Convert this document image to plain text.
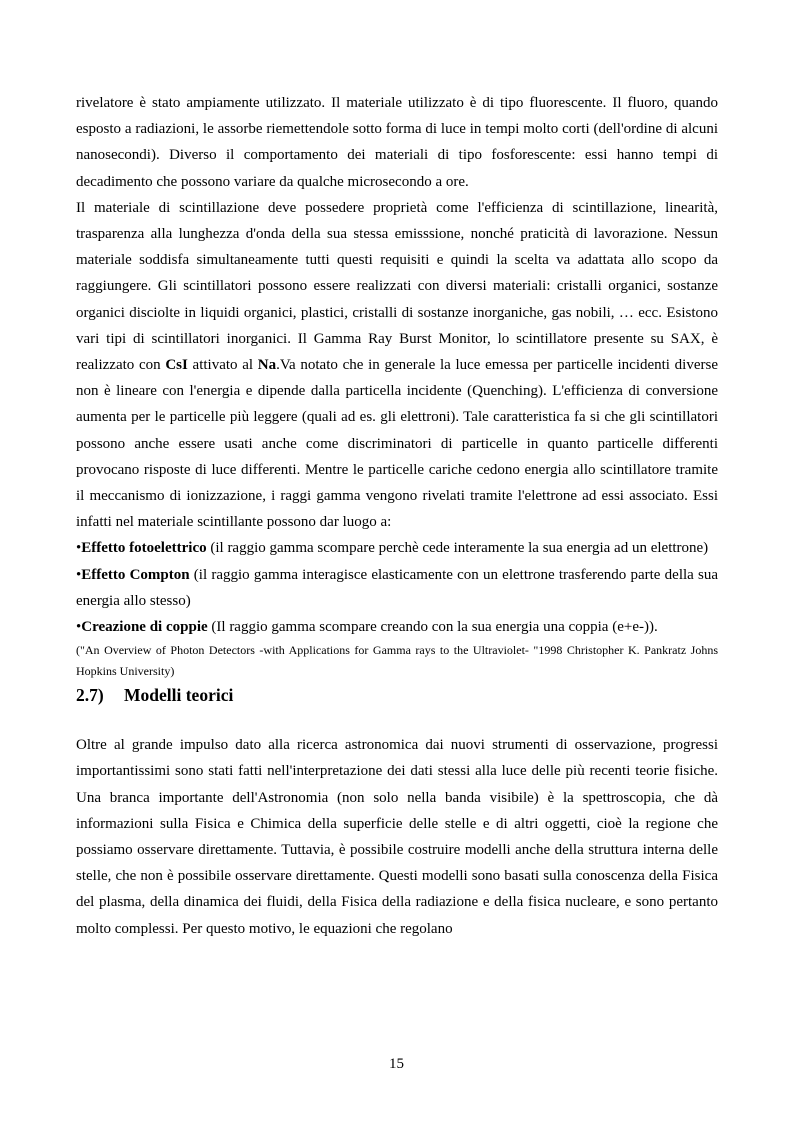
rivelatore è stato ampiamente utilizzato. Il materiale utilizzato è di tipo fluorescente. Il fluoro, quando esposto a radiazioni, le assorbe riemettendole sotto forma di luce in tempi molto corti (dell'ordine di alcuni nanosecondi). Diverso il comportamento dei materiali di tipo fosforescente: essi hanno tempi di decadimento che possono variare da qualche microsecondo a ore.

Il materiale di scintillazione deve possedere proprietà come l'efficienza di scintillazione, linearità, trasparenza alla lunghezza d'onda della sua stessa emisssione, nonché praticità di lavorazione. Nessun materiale soddisfa simultaneamente tutti questi requisiti e quindi la scelta va adattata allo scopo da raggiungere. Gli scintillatori possono essere realizzati con diversi materiali: cristalli organici, sostanze organici disciolte in liquidi organici, plastici, cristalli di sostanze inorganiche, gas nobili, … ecc. Esistono vari tipi di scintillatori inorganici. Il Gamma Ray Burst Monitor, lo scintillatore presente su SAX, è realizzato con CsI attivato al Na.Va notato che in generale la luce emessa per particelle incidenti diverse non è lineare con l'energia e dipende dalla particella incidente (Quenching). L'efficienza di conversione aumenta per le particelle più leggere (quali ad es. gli elettroni). Tale caratteristica fa si che gli scintillatori possono anche essere usati anche come discriminatori di particelle in quanto particelle differenti provocano risposte di luce differenti. Mentre le particelle cariche cedono energia allo scintillatore tramite il meccanismo di ionizzazione, i raggi gamma vengono rivelati tramite l'elettrone ad essi associato. Essi infatti nel materiale scintillante possono dar luogo a:

•Effetto fotoelettrico (il raggio gamma scompare perchè cede interamente la sua energia ad un elettrone)

•Effetto Compton (il raggio gamma interagisce elasticamente con un elettrone trasferendo parte della sua energia allo stesso)

•Creazione di coppie (Il raggio gamma scompare creando con la sua energia una coppia (e+e-)).

("An Overview of Photon Detectors -with Applications for Gamma rays to the Ultraviolet- "1998 Christopher K. Pankratz Johns Hopkins University)

2.7) Modelli teorici

Oltre al grande impulso dato alla ricerca astronomica dai nuovi strumenti di osservazione, progressi importantissimi sono stati fatti nell'interpretazione dei dati stessi alla luce delle più recenti teorie fisiche. Una branca importante dell'Astronomia (non solo nella banda visibile) è la spettroscopia, che dà informazioni sulla Fisica e Chimica della superficie delle stelle e di altri oggetti, cioè la regione che possiamo osservare direttamente. Tuttavia, è possibile costruire modelli anche della struttura interna delle stelle, che non è possibile osservare direttamente. Questi modelli sono basati sulla conoscenza della Fisica del plasma, della dinamica dei fluidi, della Fisica della radiazione e della fisica nucleare, e sono pertanto molto complessi. Per questo motivo, le equazioni che regolano

15
